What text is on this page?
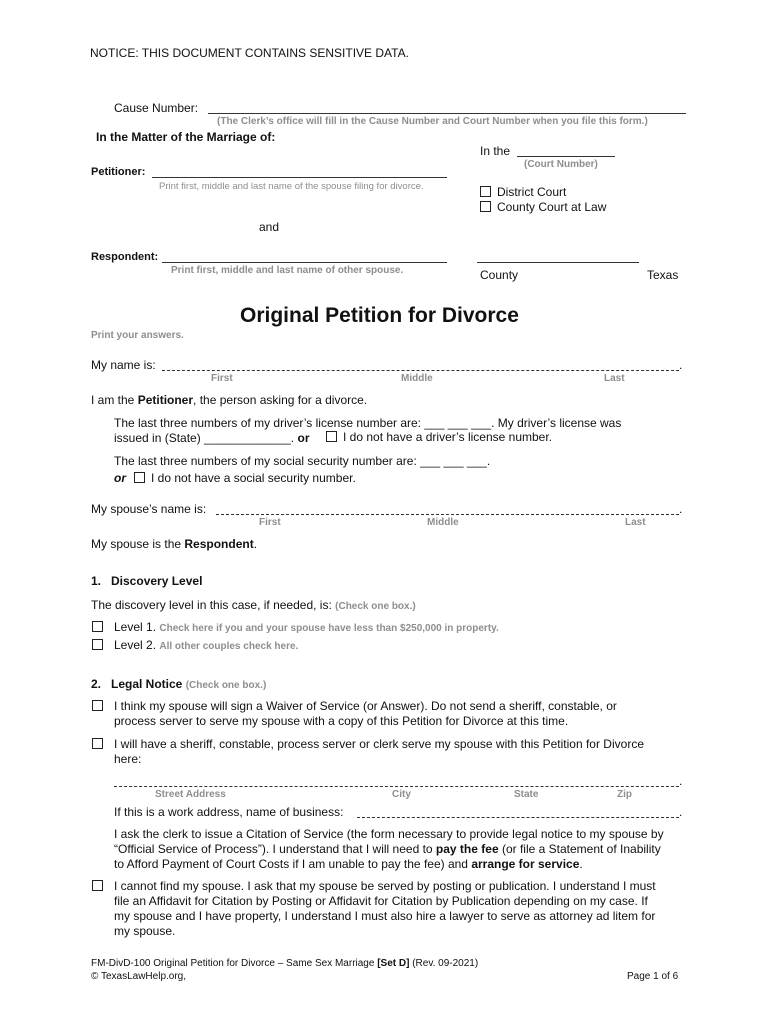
NOTICE: THIS DOCUMENT CONTAINS SENSITIVE DATA.
Cause Number:
(The Clerk’s office will fill in the Cause Number and Court Number when you file this form.)
In the Matter of the Marriage of:
In the
(Court Number)
Petitioner:
Print first, middle and last name of the spouse filing for divorce.	District Court
County Court at Law
and
Respondent:
Print first, middle and last name of other spouse.	County	Texas
Original Petition for Divorce
Print your answers.
My name is:	.
First	Middle	Last
I am the Petitioner, the person asking for a divorce.
The last three numbers of my driver’s license number are: ___ ___ ___. My driver’s license was
issued in (State) _____________. or	I do not have a driver’s license number.
The last three numbers of my social security number are: ___ ___ ___.
or I do not have a social security number.
My spouse’s name is:	.
First	Middle	Last
My spouse is the Respondent.
1.   Discovery Level
The discovery level in this case, if needed, is: (Check one box.)
Level 1. Check here if you and your spouse have less than $250,000 in property.
Level 2. All other couples check here.
2.   Legal Notice (Check one box.)
I think my spouse will sign a Waiver of Service (or Answer). Do not send a sheriff, constable, or
process server to serve my spouse with a copy of this Petition for Divorce at this time.
I will have a sheriff, constable, process server or clerk serve my spouse with this Petition for Divorce
here:
.
Street Address	City	State	Zip
If this is a work address, name of business:	.
I ask the clerk to issue a Citation of Service (the form necessary to provide legal notice to my spouse by
“Official Service of Process”). I understand that I will need to pay the fee (or file a Statement of Inability
to Afford Payment of Court Costs if I am unable to pay the fee) and arrange for service.
I cannot find my spouse. I ask that my spouse be served by posting or publication. I understand I must
file an Affidavit for Citation by Posting or Affidavit for Citation by Publication depending on my case. If
my spouse and I have property, I understand I must also hire a lawyer to serve as attorney ad litem for
my spouse.
FM-DivD-100 Original Petition for Divorce – Same Sex Marriage [Set D] (Rev. 09-2021)
© TexasLawHelp.org,	Page 1 of 6
